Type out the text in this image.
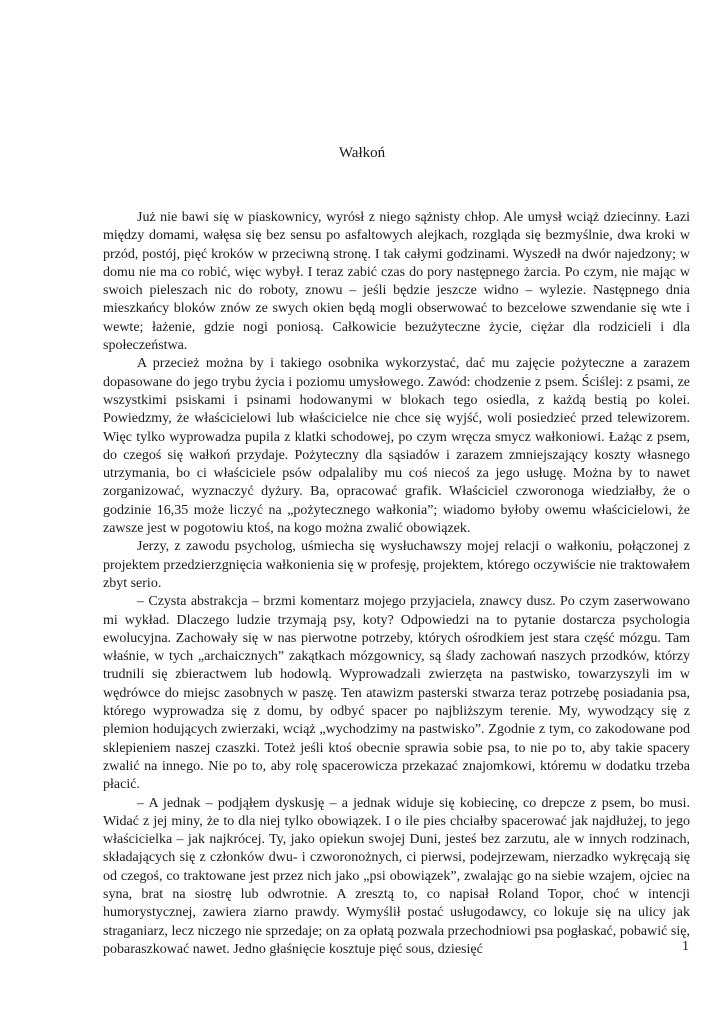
Wałkoń

Już nie bawi się w piaskownicy, wyrósł z niego sążnisty chłop. Ale umysł wciąż dziecinny. Łazi między domami, wałęsa się bez sensu po asfaltowych alejkach, rozgląda się bezmyślnie, dwa kroki w przód, postój, pięć kroków w przeciwną stronę. I tak całymi godzinami. Wyszedł na dwór najedzony; w domu nie ma co robić, więc wybył. I teraz zabić czas do pory następnego żarcia. Po czym, nie mając w swoich pieleszach nic do roboty, znowu – jeśli będzie jeszcze widno – wylezie. Następnego dnia mieszkańcy bloków znów ze swych okien będą mogli obserwować to bezcelowe szwendanie się wte i wewte; łażenie, gdzie nogi poniosą. Całkowicie bezużyteczne życie, ciężar dla rodzicieli i dla społeczeństwa.

A przecież można by i takiego osobnika wykorzystać, dać mu zajęcie pożyteczne a zarazem dopasowane do jego trybu życia i poziomu umysłowego. Zawód: chodzenie z psem. Ściślej: z psami, ze wszystkimi psiskami i psinami hodowanymi w blokach tego osiedla, z każdą bestią po kolei. Powiedzmy, że właścicielowi lub właścicielce nie chce się wyjść, woli posiedzieć przed telewizorem. Więc tylko wyprowadza pupila z klatki schodowej, po czym wręcza smycz wałkoniowi. Łażąc z psem, do czegoś się wałkoń przydaje. Pożyteczny dla sąsiadów i zarazem zmniejszający koszty własnego utrzymania, bo ci właściciele psów odpalaliby mu coś niecoś za jego usługę. Można by to nawet zorganizować, wyznaczyć dyżury. Ba, opracować grafik. Właściciel czworonoga wiedziałby, że o godzinie 16,35 może liczyć na „pożytecznego wałkonia”; wiadomo byłoby owemu właścicielowi, że zawsze jest w pogotowiu ktoś, na kogo można zwalić obowiązek.

Jerzy, z zawodu psycholog, uśmiecha się wysłuchawszy mojej relacji o wałkoniu, połączonej z projektem przedzierzgnięcia wałkonienia się w profesję, projektem, którego oczywiście nie traktowałem zbyt serio.

– Czysta abstrakcja – brzmi komentarz mojego przyjaciela, znawcy dusz. Po czym zaserwowano mi wykład. Dlaczego ludzie trzymają psy, koty? Odpowiedzi na to pytanie dostarcza psychologia ewolucyjna. Zachowały się w nas pierwotne potrzeby, których ośrodkiem jest stara część mózgu. Tam właśnie, w tych „archaicznych” zakątkach mózgownicy, są ślady zachowań naszych przodków, którzy trudnili się zbieractwem lub hodowlą. Wyprowadzali zwierzęta na pastwisko, towarzyszyli im w wędrówce do miejsc zasobnych w paszę. Ten atawizm pasterski stwarza teraz potrzebę posiadania psa, którego wyprowadza się z domu, by odbyć spacer po najbliższym terenie. My, wywodzący się z plemion hodujących zwierzaki, wciąż „wychodzimy na pastwisko”. Zgodnie z tym, co zakodowane pod sklepieniem naszej czaszki. Toteż jeśli ktoś obecnie sprawia sobie psa, to nie po to, aby takie spacery zwalić na innego. Nie po to, aby rolę spacerowicza przekazać znajomkowi, któremu w dodatku trzeba płacić.

– A jednak – podjąłem dyskusję – a jednak widuje się kobiecinę, co drepcze z psem, bo musi. Widać z jej miny, że to dla niej tylko obowiązek. I o ile pies chciałby spacerować jak najdłużej, to jego właścicielka – jak najkrócej. Ty, jako opiekun swojej Duni, jesteś bez zarzutu, ale w innych rodzinach, składających się z członków dwu- i czworonożnych, ci pierwsi, podejrzewam, nierzadko wykręcają się od czegoś, co traktowane jest przez nich jako „psi obowiązek”, zwalając go na siebie wzajem, ojciec na syna, brat na siostrę lub odwrotnie. A zresztą to, co napisał Roland Topor, choć w intencji humorystycznej, zawiera ziarno prawdy. Wymyślił postać usługodawcy, co lokuje się na ulicy jak straganiarz, lecz niczego nie sprzedaje; on za opłatą pozwala przechodniowi psa pogłaskać, pobawić się, pobaraszkować nawet. Jedno głaśnięcie kosztuje pięć sous, dziesięć	1
